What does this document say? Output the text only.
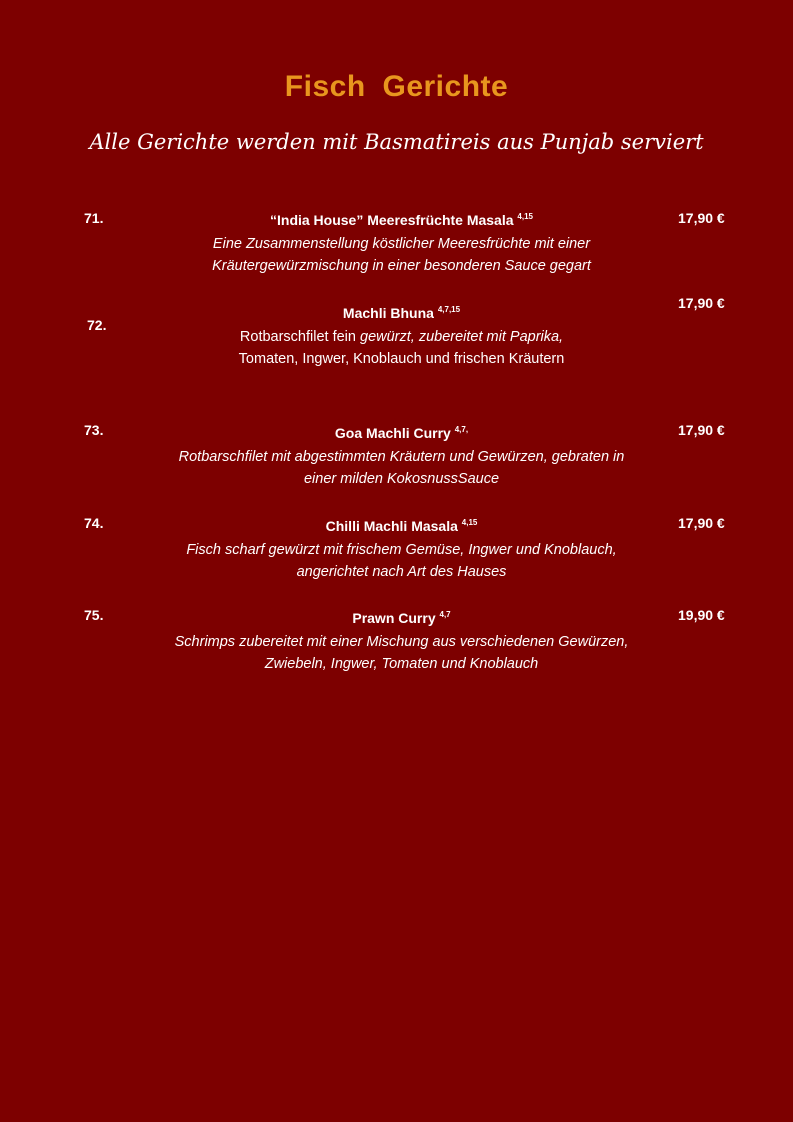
Fisch Gerichte
Alle Gerichte werden mit Basmatireis aus Punjab serviert
71.	“India House” Meeresfrüchte Masala $^{4,15}$
Eine Zusammenstellung köstlicher Meeresfrüchte mit einer
Kräutergewürzmischung in einer besonderen Sauce gegart
17,90 €
72.
Machli Bhuna $^{4,7,15}$
Rotbarschfilet fein gewürzt, zubereitet mit Paprika,
Tomaten, Ingwer, Knoblauch und frischen Kräutern
17,90 €
73.	Goa Machli Curry $^{4,7,}$
Rotbarschfilet mit abgestimmten Kräutern und Gewürzen, gebraten in
einer milden KokosnussSauce
17,90 €
74.	Chilli Machli Masala $^{4,15}$
Fisch scharf gewürzt mit frischem Gemüse, Ingwer und Knoblauch,
angerichtet nach Art des Hauses
17,90 €
75.	Prawn Curry $^{4,7}$
Schrimps zubereitet mit einer Mischung aus verschiedenen Gewürzen,
Zwiebeln, Ingwer, Tomaten und Knoblauch
19,90 €
